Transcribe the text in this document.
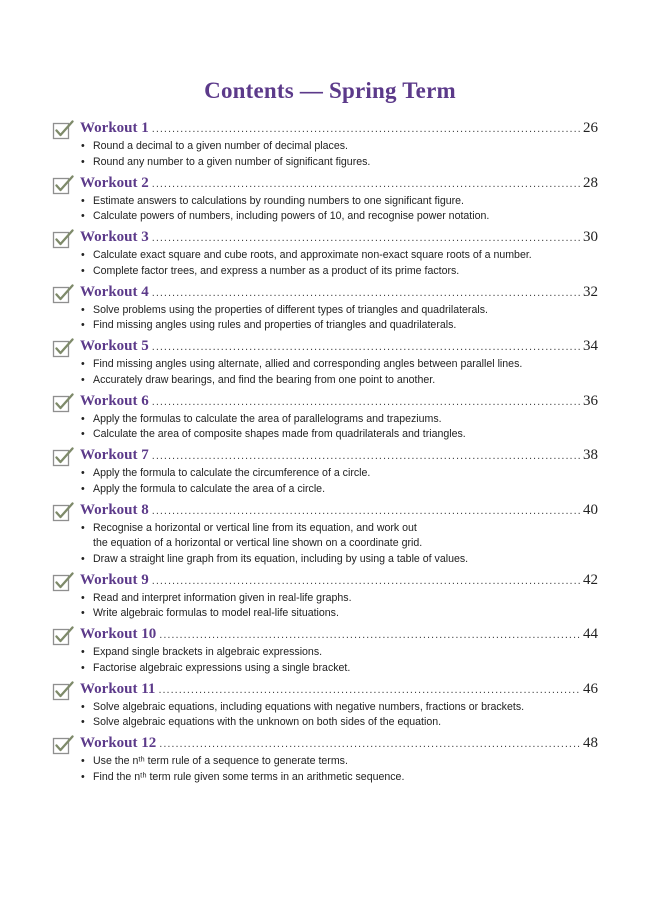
Contents — Spring Term
Workout 1 .....	26
• Round a decimal to a given number of decimal places.
• Round any number to a given number of significant figures.
Workout 2 .....	28
• Estimate answers to calculations by rounding numbers to one significant figure.
• Calculate powers of numbers, including powers of 10, and recognise power notation.
Workout 3 .....	30
• Calculate exact square and cube roots, and approximate non-exact square roots of a number.
• Complete factor trees, and express a number as a product of its prime factors.
Workout 4 .....	32
• Solve problems using the properties of different types of triangles and quadrilaterals.
• Find missing angles using rules and properties of triangles and quadrilaterals.
Workout 5 .....	34
• Find missing angles using alternate, allied and corresponding angles between parallel lines.
• Accurately draw bearings, and find the bearing from one point to another.
Workout 6 .....	36
• Apply the formulas to calculate the area of parallelograms and trapeziums.
• Calculate the area of composite shapes made from quadrilaterals and triangles.
Workout 7 .....	38
• Apply the formula to calculate the circumference of a circle.
• Apply the formula to calculate the area of a circle.
Workout 8 .....	40
• Recognise a horizontal or vertical line from its equation, and work out
the equation of a horizontal or vertical line shown on a coordinate grid.
• Draw a straight line graph from its equation, including by using a table of values.
Workout 9 .....	42
• Read and interpret information given in real-life graphs.
• Write algebraic formulas to model real-life situations.
Workout 10 .....	44
• Expand single brackets in algebraic expressions.
• Factorise algebraic expressions using a single bracket.
Workout 11 .....	46
• Solve algebraic equations, including equations with negative numbers, fractions or brackets.
• Solve algebraic equations with the unknown on both sides of the equation.
Workout 12 .....	48
• Use the nᵗʰ term rule of a sequence to generate terms.
• Find the nᵗʰ term rule given some terms in an arithmetic sequence.
